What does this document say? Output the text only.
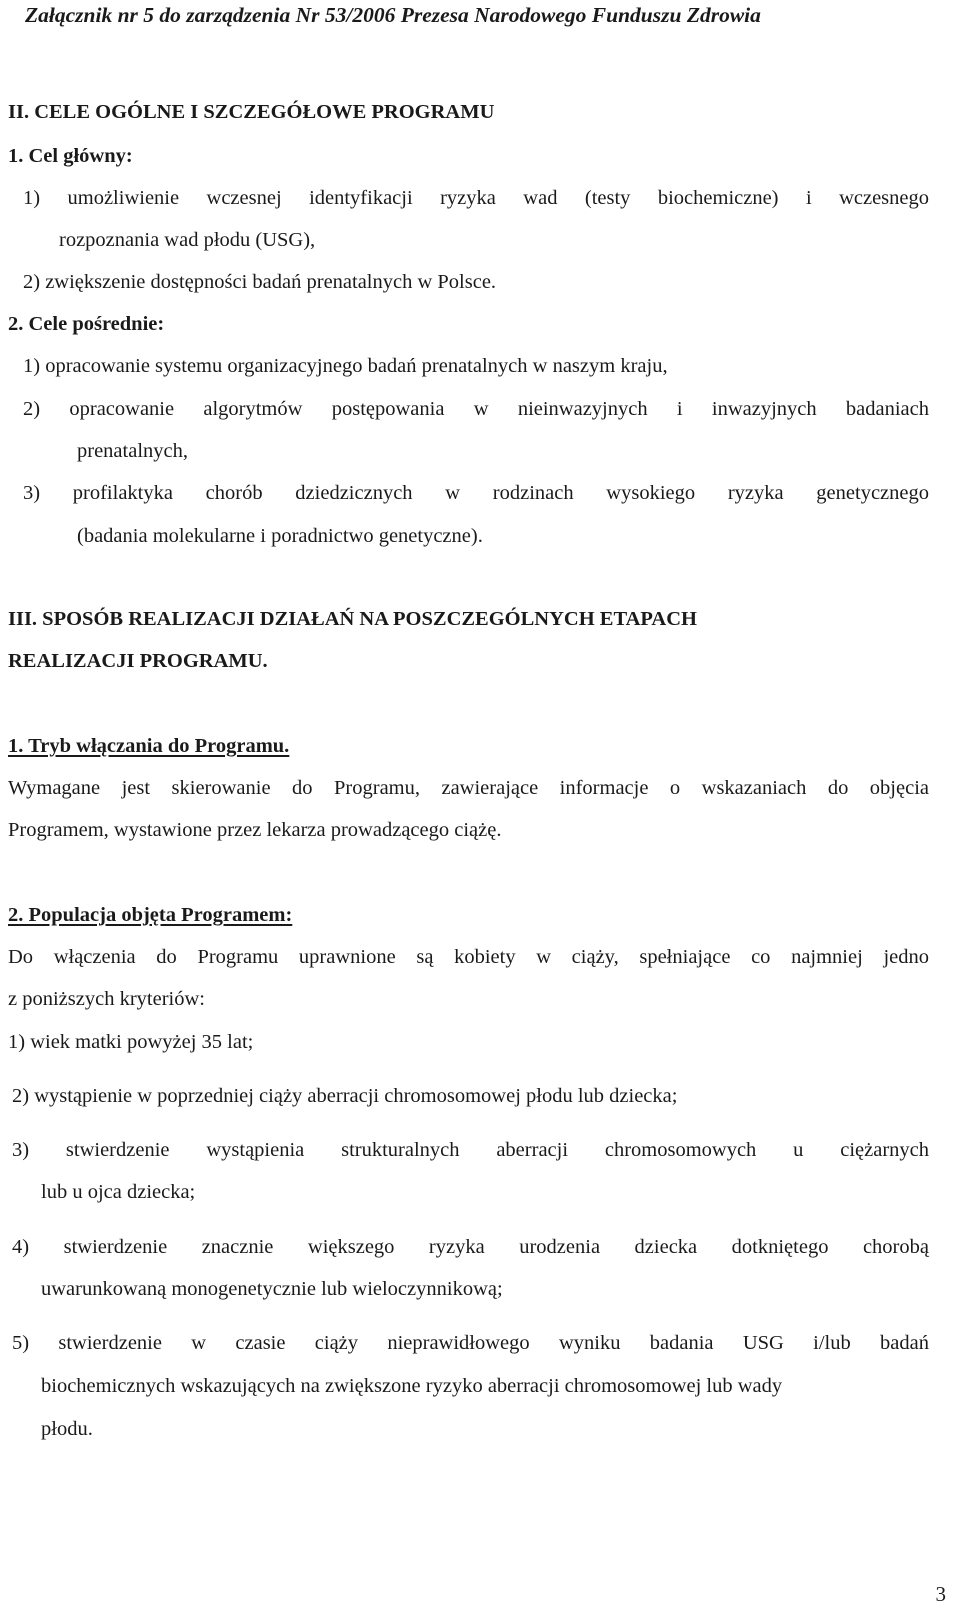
Załącznik nr 5 do zarządzenia Nr 53/2006 Prezesa Narodowego Funduszu Zdrowia
II. CELE OGÓLNE I SZCZEGÓŁOWE PROGRAMU
1. Cel główny:
1) umożliwienie wczesnej identyfikacji ryzyka wad (testy biochemiczne) i wczesnego
rozpoznania wad płodu (USG),
2) zwiększenie dostępności badań prenatalnych w Polsce.
2. Cele pośrednie:
1) opracowanie systemu organizacyjnego badań prenatalnych w naszym kraju,
2) opracowanie algorytmów postępowania w nieinwazyjnych i inwazyjnych badaniach
prenatalnych,
3) profilaktyka chorób dziedzicznych w rodzinach wysokiego ryzyka genetycznego
(badania molekularne i poradnictwo genetyczne).
III. SPOSÓB REALIZACJI DZIAŁAŃ NA POSZCZEGÓLNYCH ETAPACH
REALIZACJI PROGRAMU.
1. Tryb włączania do Programu.
Wymagane jest skierowanie do Programu, zawierające informacje o wskazaniach do objęcia
Programem, wystawione przez lekarza prowadzącego ciążę.
2. Populacja objęta Programem:
Do włączenia do Programu uprawnione są kobiety w ciąży, spełniające co najmniej jedno
z poniższych kryteriów:
1) wiek matki powyżej 35 lat;
2) wystąpienie w poprzedniej ciąży aberracji chromosomowej płodu lub dziecka;
3) stwierdzenie wystąpienia strukturalnych aberracji chromosomowych u ciężarnych
lub u ojca dziecka;
4) stwierdzenie znacznie większego ryzyka urodzenia dziecka dotkniętego chorobą
uwarunkowaną monogenetycznie lub wieloczynnikową;
5) stwierdzenie w czasie ciąży nieprawidłowego wyniku badania USG i/lub badań
biochemicznych wskazujących na zwiększone ryzyko aberracji chromosomowej lub wady
płodu.
3
